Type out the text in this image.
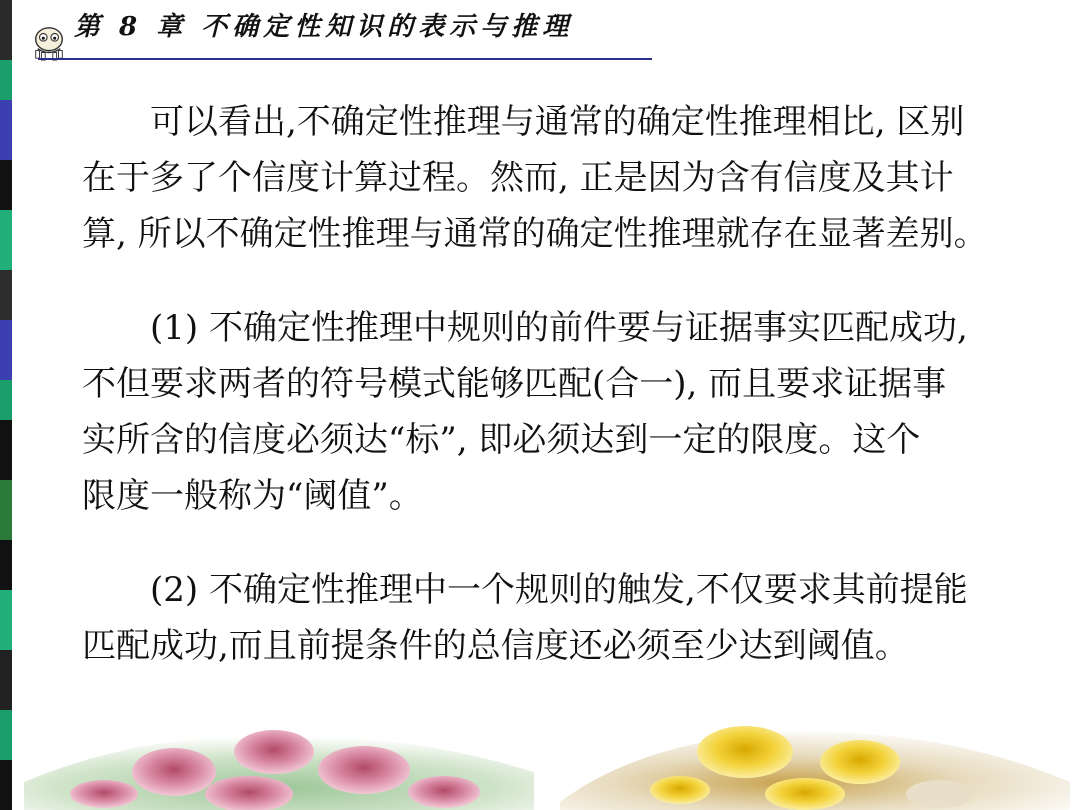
第 8 章 不确定性知识的表示与推理
可以看出,不确定性推理与通常的确定性推理相比, 区别
在于多了个信度计算过程。然而, 正是因为含有信度及其计
算, 所以不确定性推理与通常的确定性推理就存在显著差别。
(1) 不确定性推理中规则的前件要与证据事实匹配成功,
不但要求两者的符号模式能够匹配(合一), 而且要求证据事
实所含的信度必须达“标”, 即必须达到一定的限度。这个
限度一般称为“阈值”。
(2) 不确定性推理中一个规则的触发,不仅要求其前提能
匹配成功,而且前提条件的总信度还必须至少达到阈值。
